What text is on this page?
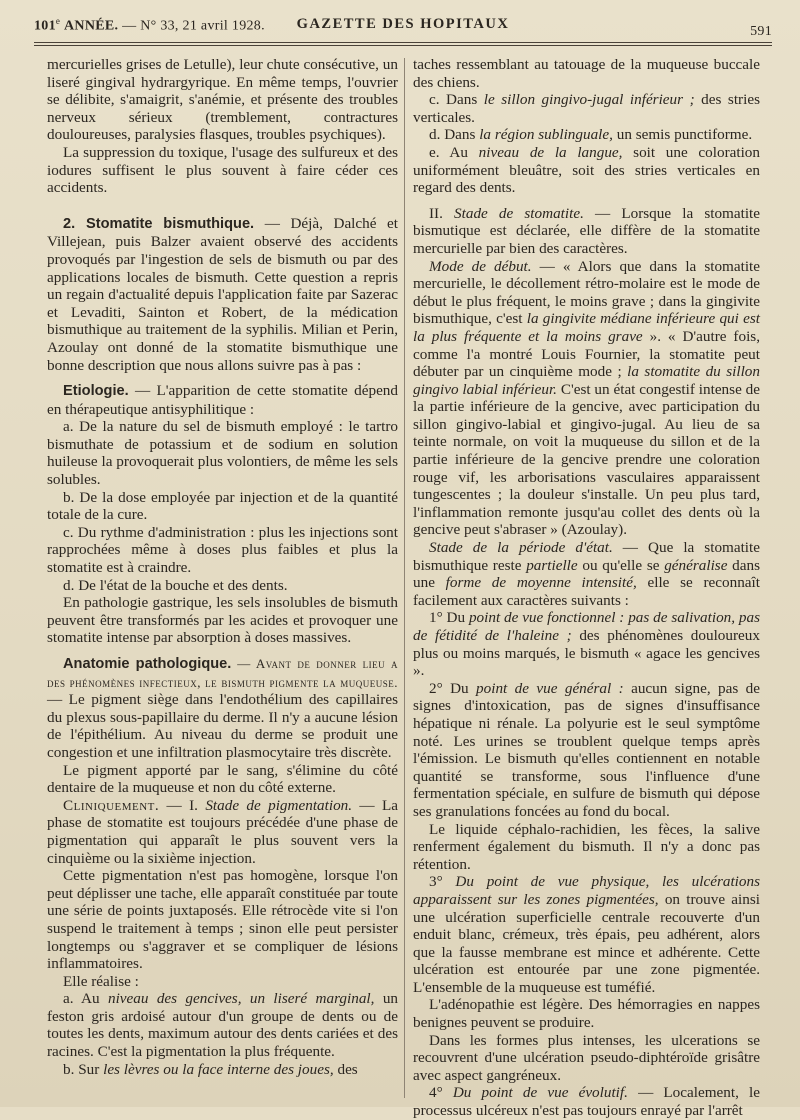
101e ANNÉE. — N° 33, 21 avril 1928.	GAZETTE DES HOPITAUX	591

mercurielles grises de Letulle), leur chute consécutive, un liseré gingival hydrargyrique. En même temps, l'ouvrier se délibite, s'amaigrit, s'anémie, et présente des troubles nerveux sérieux (tremblement, contractures douloureuses, paralysies flasques, troubles psychiques).

La suppression du toxique, l'usage des sulfureux et des iodures suffisent le plus souvent à faire céder ces accidents.

2. Stomatite bismuthique. — Déjà, Dalché et Villejean, puis Balzer avaient observé des accidents provoqués par l'ingestion de sels de bismuth ou par des applications locales de bismuth. Cette question a repris un regain d'actualité depuis l'application faite par Sazerac et Levaditi, Sainton et Robert, de la médication bismuthique au traitement de la syphilis. Milian et Perin, Azoulay ont donné de la stomatite bismuthique une bonne description que nous allons suivre pas à pas :

Etiologie. — L'apparition de cette stomatite dépend en thérapeutique antisyphilitique :

a. De la nature du sel de bismuth employé : le tartro bismuthate de potassium et de sodium en solution huileuse la provoquerait plus volontiers, de même les sels solubles.

b. De la dose employée par injection et de la quantité totale de la cure.

c. Du rythme d'administration : plus les injections sont rapprochées même à doses plus faibles et plus la stomatite est à craindre.

d. De l'état de la bouche et des dents.

En pathologie gastrique, les sels insolubles de bismuth peuvent être transformés par les acides et provoquer une stomatite intense par absorption à doses massives.

Anatomie pathologique. — Avant de donner lieu a des phénomènes infectieux, le bismuth pigmente la muqueuse. — Le pigment siège dans l'endothélium des capillaires du plexus sous-papillaire du derme. Il n'y a aucune lésion de l'épithélium. Au niveau du derme se produit une congestion et une infiltration plasmocytaire très discrète.

Le pigment apporté par le sang, s'élimine du côté dentaire de la muqueuse et non du côté externe.

Cliniquement. — I. Stade de pigmentation. — La phase de stomatite est toujours précédée d'une phase de pigmentation qui apparaît le plus souvent vers la cinquième ou la sixième injection.

Cette pigmentation n'est pas homogène, lorsque l'on peut déplisser une tache, elle apparaît constituée par toute une série de points juxtaposés. Elle rétrocède vite si l'on suspend le traitement à temps ; sinon elle peut persister longtemps ou s'aggraver et se compliquer de lésions inflammatoires.

Elle réalise :

a. Au niveau des gencives, un liseré marginal, un feston gris ardoisé autour d'un groupe de dents ou de toutes les dents, maximum autour des dents cariées et des racines. C'est la pigmentation la plus fréquente.

b. Sur les lèvres ou la face interne des joues, des

taches ressemblant au tatouage de la muqueuse buccale des chiens.

c. Dans le sillon gingivo-jugal inférieur ; des stries verticales.

d. Dans la région sublinguale, un semis punctiforme.

e. Au niveau de la langue, soit une coloration uniformément bleuâtre, soit des stries verticales en regard des dents.

II. Stade de stomatite. — Lorsque la stomatite bismutique est déclarée, elle diffère de la stomatite mercurielle par bien des caractères.

Mode de début. — « Alors que dans la stomatite mercurielle, le décollement rétro-molaire est le mode de début le plus fréquent, le moins grave ; dans la gingivite bismuthique, c'est la gingivite médiane inférieure qui est la plus fréquente et la moins grave ». « D'autre fois, comme l'a montré Louis Fournier, la stomatite peut débuter par un cinquième mode ; la stomatite du sillon gingivo labial inférieur. C'est un état congestif intense de la partie inférieure de la gencive, avec participation du sillon gingivo-labial et gingivo-jugal. Au lieu de sa teinte normale, on voit la muqueuse du sillon et de la partie inférieure de la gencive prendre une coloration rouge vif, les arborisations vasculaires apparaissent tungescentes ; la douleur s'installe. Un peu plus tard, l'inflammation remonte jusqu'au collet des dents où la gencive peut s'abraser » (Azoulay).

Stade de la période d'état. — Que la stomatite bismuthique reste partielle ou qu'elle se généralise dans une forme de moyenne intensité, elle se reconnaît facilement aux caractères suivants :

1° Du point de vue fonctionnel : pas de salivation, pas de fétidité de l'haleine ; des phénomènes douloureux plus ou moins marqués, le bismuth « agace les gencives ».

2° Du point de vue général : aucun signe, pas de signes d'intoxication, pas de signes d'insuffisance hépatique ni rénale. La polyurie est le seul symptôme noté. Les urines se troublent quelque temps après l'émission. Le bismuth qu'elles contiennent en notable quantité se transforme, sous l'influence d'une fermentation spéciale, en sulfure de bismuth qui dépose ses granulations foncées au fond du bocal.

Le liquide céphalo-rachidien, les fèces, la salive renferment également du bismuth. Il n'y a donc pas rétention.

3° Du point de vue physique, les ulcérations apparaissent sur les zones pigmentées, on trouve ainsi une ulcération superficielle centrale recouverte d'un enduit blanc, crémeux, très épais, peu adhérent, alors que la fausse membrane est mince et adhérente. Cette ulcération est entourée par une zone pigmentée. L'ensemble de la muqueuse est tuméfié.

L'adénopathie est légère. Des hémorragies en nappes benignes peuvent se produire.

Dans les formes plus intenses, les ulcerations se recouvrent d'une ulcération pseudo-diphtéroïde grisâtre avec aspect gangréneux.

4° Du point de vue évolutif. — Localement, le processus ulcéreux n'est pas toujours enrayé par l'arrêt
